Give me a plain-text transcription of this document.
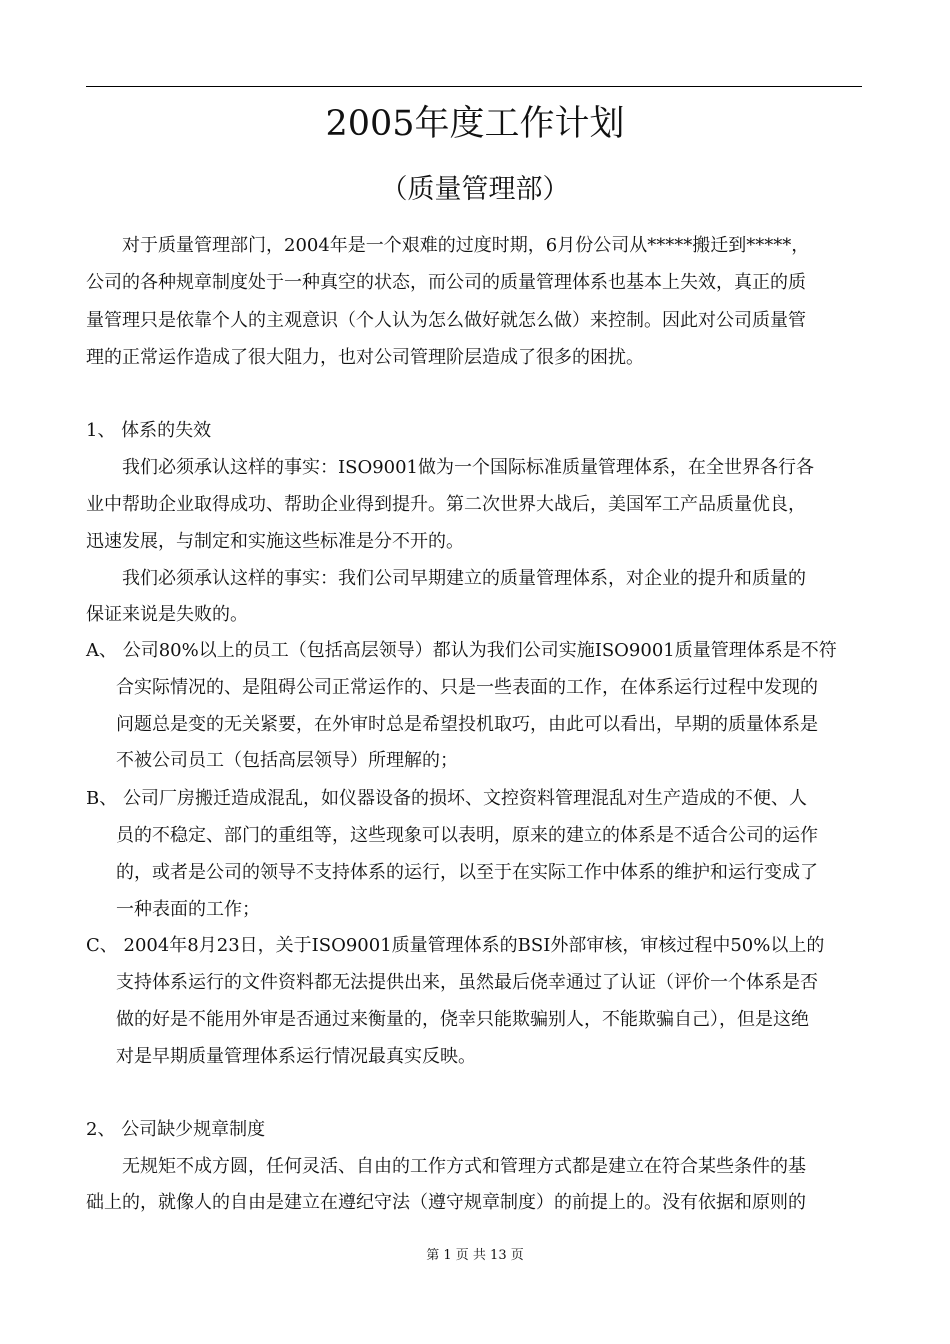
2005年度工作计划
（质量管理部）
对于质量管理部门，2004年是一个艰难的过度时期，6月份公司从*****搬迁到*****，
公司的各种规章制度处于一种真空的状态，而公司的质量管理体系也基本上失效，真正的质
量管理只是依靠个人的主观意识（个人认为怎么做好就怎么做）来控制。因此对公司质量管
理的正常运作造成了很大阻力，也对公司管理阶层造成了很多的困扰。
1、 体系的失效
我们必须承认这样的事实：ISO9001做为一个国际标准质量管理体系，在全世界各行各
业中帮助企业取得成功、帮助企业得到提升。第二次世界大战后，美国军工产品质量优良，
迅速发展，与制定和实施这些标准是分不开的。
我们必须承认这样的事实：我们公司早期建立的质量管理体系，对企业的提升和质量的
保证来说是失败的。
A、 公司80%以上的员工（包括高层领导）都认为我们公司实施ISO9001质量管理体系是不符
合实际情况的、是阻碍公司正常运作的、只是一些表面的工作，在体系运行过程中发现的
问题总是变的无关紧要，在外审时总是希望投机取巧，由此可以看出，早期的质量体系是
不被公司员工（包括高层领导）所理解的；
B、 公司厂房搬迁造成混乱，如仪器设备的损坏、文控资料管理混乱对生产造成的不便、人
员的不稳定、部门的重组等，这些现象可以表明，原来的建立的体系是不适合公司的运作
的，或者是公司的领导不支持体系的运行，以至于在实际工作中体系的维护和运行变成了
一种表面的工作；
C、 2004年8月23日，关于ISO9001质量管理体系的BSI外部审核，审核过程中50%以上的
支持体系运行的文件资料都无法提供出来，虽然最后侥幸通过了认证（评价一个体系是否
做的好是不能用外审是否通过来衡量的，侥幸只能欺骗别人，不能欺骗自己），但是这绝
对是早期质量管理体系运行情况最真实反映。
2、 公司缺少规章制度
无规矩不成方圆，任何灵活、自由的工作方式和管理方式都是建立在符合某些条件的基
础上的，就像人的自由是建立在遵纪守法（遵守规章制度）的前提上的。没有依据和原则的
第 1 页 共 13 页
